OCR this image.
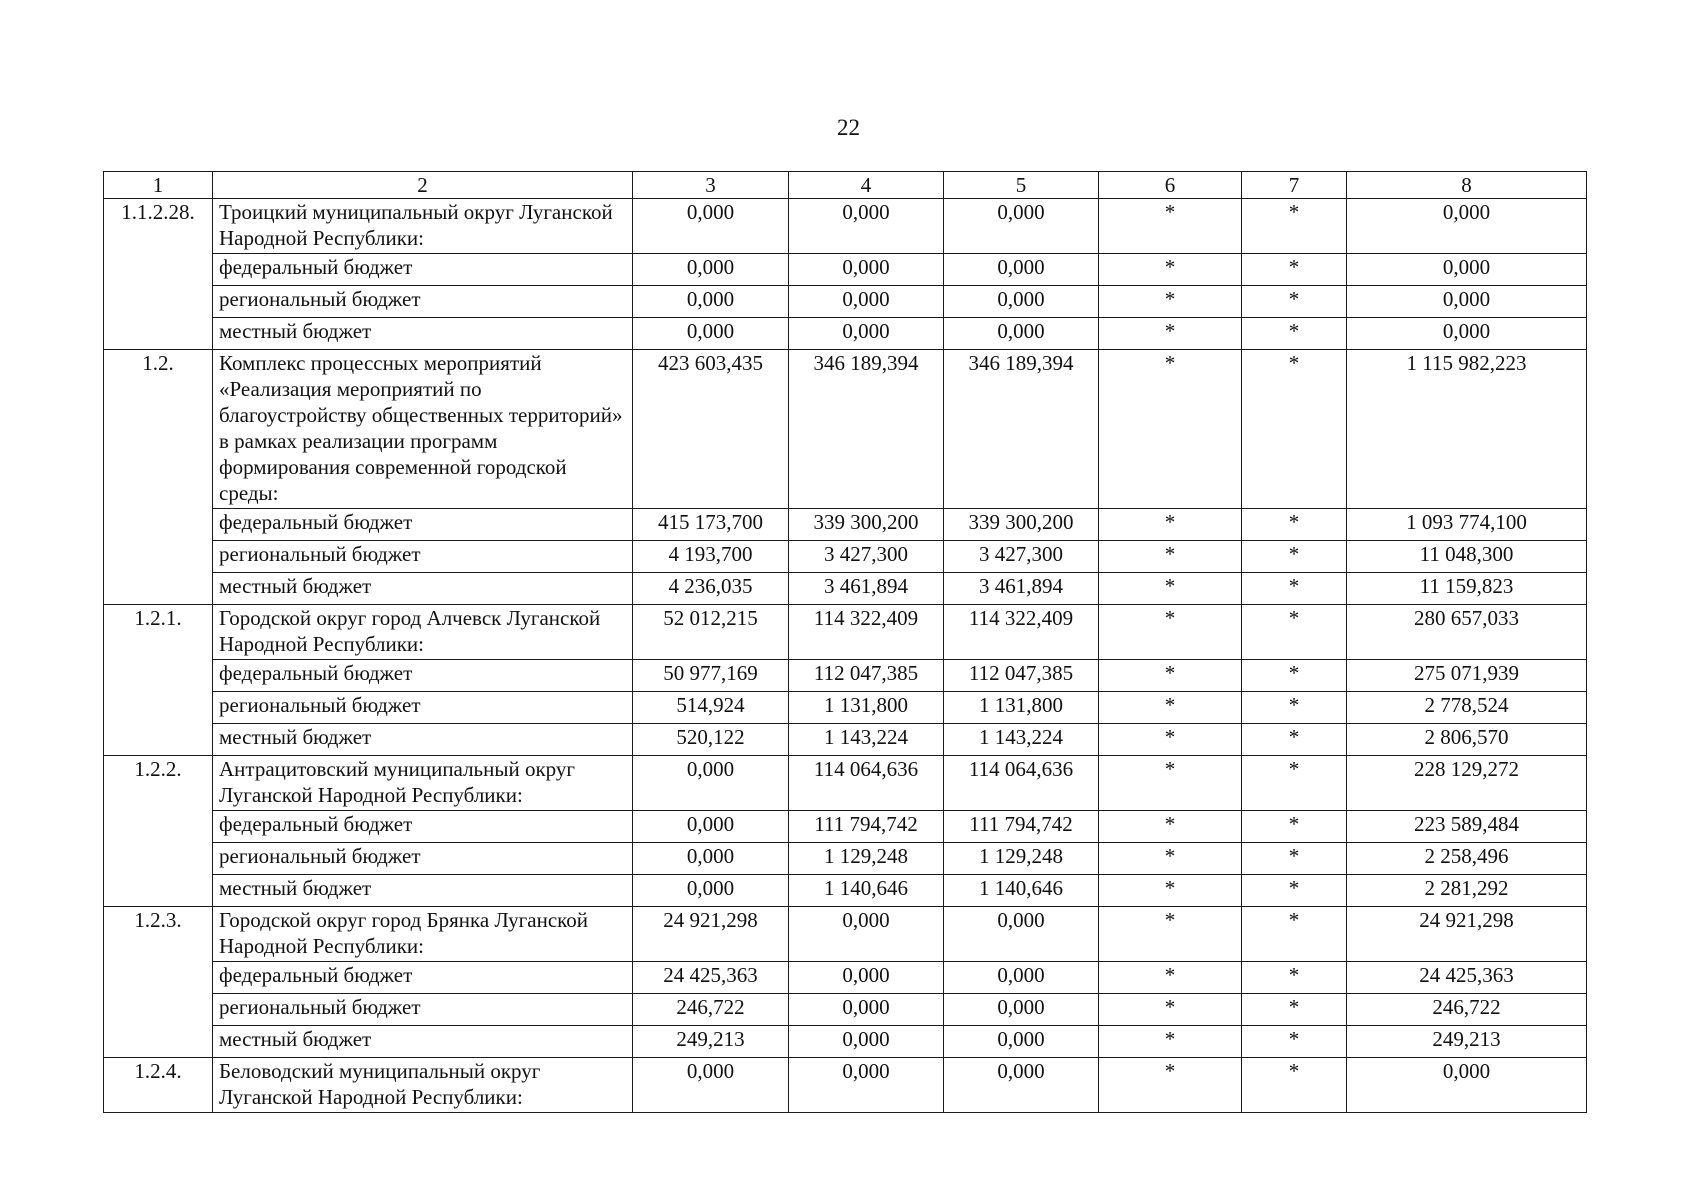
22
1	2	3	4	5	6	7	8
1.1.2.28.	Троицкий муниципальный округ Луганской Народной Республики:	0,000	0,000	0,000	*	*	0,000
	федеральный бюджет	0,000	0,000	0,000	*	*	0,000
	региональный бюджет	0,000	0,000	0,000	*	*	0,000
	местный бюджет	0,000	0,000	0,000	*	*	0,000
1.2.	Комплекс процессных мероприятий «Реализация мероприятий по благоустройству общественных территорий» в рамках реализации программ формирования современной городской среды:	423 603,435	346 189,394	346 189,394	*	*	1 115 982,223
	федеральный бюджет	415 173,700	339 300,200	339 300,200	*	*	1 093 774,100
	региональный бюджет	4 193,700	3 427,300	3 427,300	*	*	11 048,300
	местный бюджет	4 236,035	3 461,894	3 461,894	*	*	11 159,823
1.2.1.	Городской округ город Алчевск Луганской Народной Республики:	52 012,215	114 322,409	114 322,409	*	*	280 657,033
	федеральный бюджет	50 977,169	112 047,385	112 047,385	*	*	275 071,939
	региональный бюджет	514,924	1 131,800	1 131,800	*	*	2 778,524
	местный бюджет	520,122	1 143,224	1 143,224	*	*	2 806,570
1.2.2.	Антрацитовский муниципальный округ Луганской Народной Республики:	0,000	114 064,636	114 064,636	*	*	228 129,272
	федеральный бюджет	0,000	111 794,742	111 794,742	*	*	223 589,484
	региональный бюджет	0,000	1 129,248	1 129,248	*	*	2 258,496
	местный бюджет	0,000	1 140,646	1 140,646	*	*	2 281,292
1.2.3.	Городской округ город Брянка Луганской Народной Республики:	24 921,298	0,000	0,000	*	*	24 921,298
	федеральный бюджет	24 425,363	0,000	0,000	*	*	24 425,363
	региональный бюджет	246,722	0,000	0,000	*	*	246,722
	местный бюджет	249,213	0,000	0,000	*	*	249,213
1.2.4.	Беловодский муниципальный округ Луганской Народной Республики:	0,000	0,000	0,000	*	*	0,000
